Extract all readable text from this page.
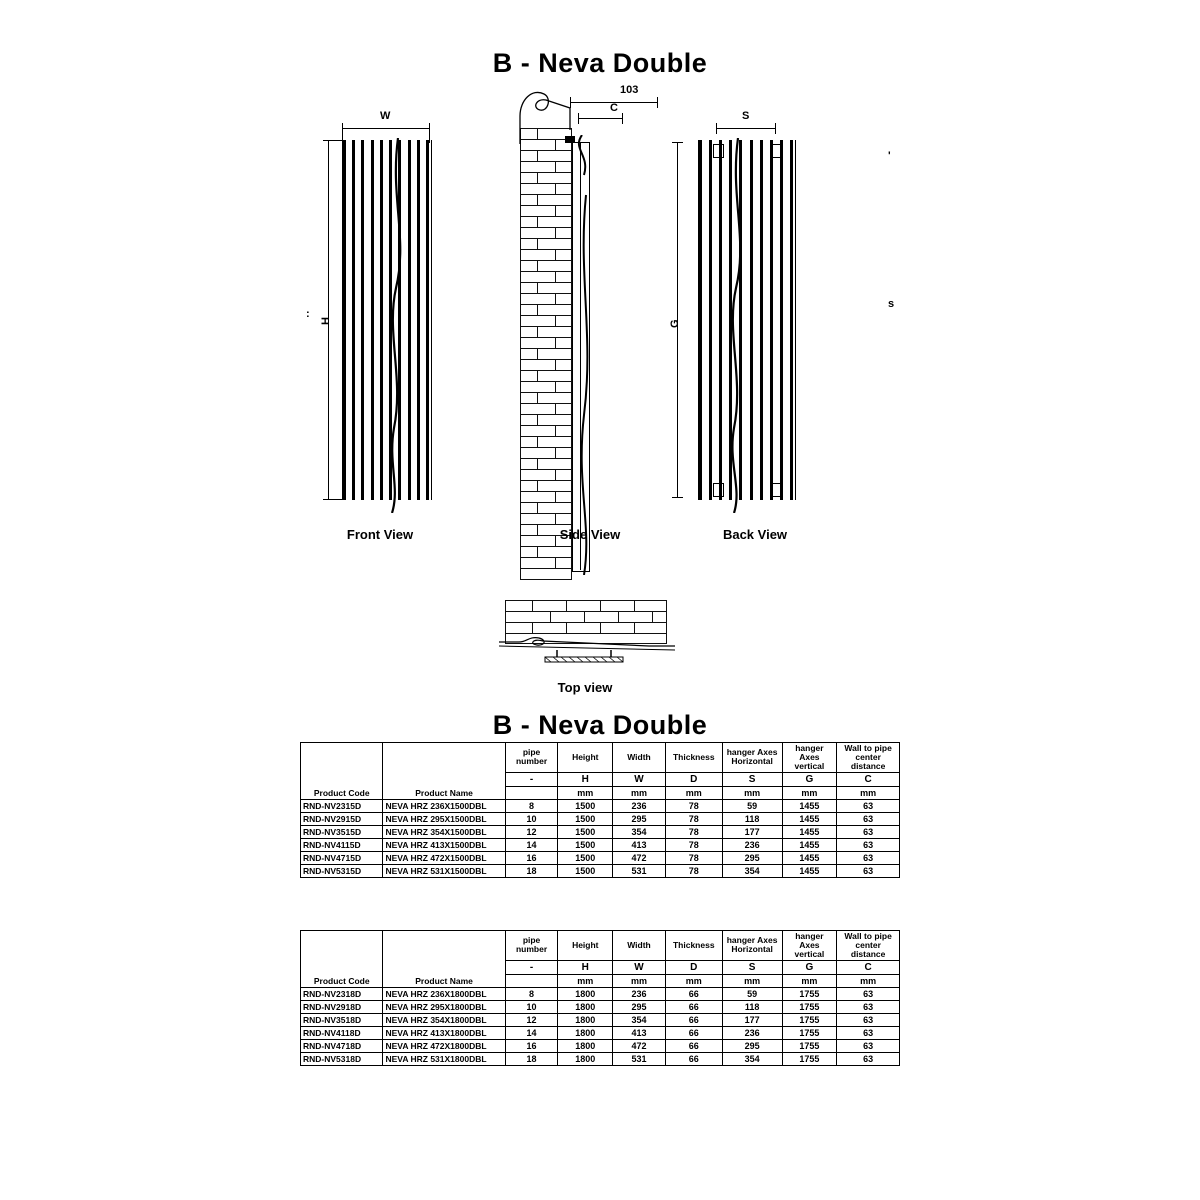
B - Neva Double
W
H
:
Front View
103
C
Side View
S
G
Back View
'
s
Top view
B - Neva Double
Product Code	Product Name	pipe number	Height	Width	Thickness	hanger Axes Horizontal	hanger Axes vertical	Wall to pipe center distance
		-	H	W	D	S	G	C
			mm	mm	mm	mm	mm	mm
RND-NV2315D	NEVA HRZ 236X1500DBL	8	1500	236	78	59	1455	63
RND-NV2915D	NEVA HRZ 295X1500DBL	10	1500	295	78	118	1455	63
RND-NV3515D	NEVA HRZ 354X1500DBL	12	1500	354	78	177	1455	63
RND-NV4115D	NEVA HRZ 413X1500DBL	14	1500	413	78	236	1455	63
RND-NV4715D	NEVA HRZ 472X1500DBL	16	1500	472	78	295	1455	63
RND-NV5315D	NEVA HRZ 531X1500DBL	18	1500	531	78	354	1455	63
Product Code	Product Name	pipe number	Height	Width	Thickness	hanger Axes Horizontal	hanger Axes vertical	Wall to pipe center distance
		-	H	W	D	S	G	C
			mm	mm	mm	mm	mm	mm
RND-NV2318D	NEVA HRZ 236X1800DBL	8	1800	236	66	59	1755	63
RND-NV2918D	NEVA HRZ 295X1800DBL	10	1800	295	66	118	1755	63
RND-NV3518D	NEVA HRZ 354X1800DBL	12	1800	354	66	177	1755	63
RND-NV4118D	NEVA HRZ 413X1800DBL	14	1800	413	66	236	1755	63
RND-NV4718D	NEVA HRZ 472X1800DBL	16	1800	472	66	295	1755	63
RND-NV5318D	NEVA HRZ 531X1800DBL	18	1800	531	66	354	1755	63
